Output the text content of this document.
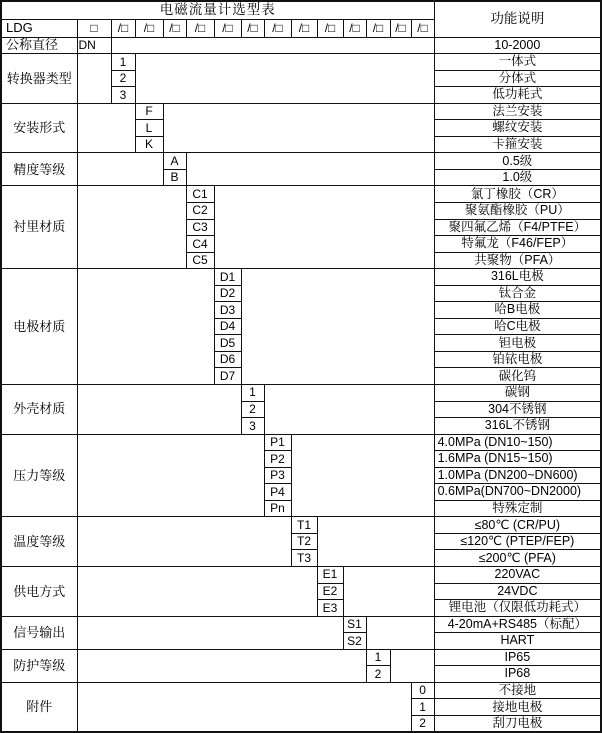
电磁流量计选型表															功能说明
LDG	□	/□	/□	/□	/□	/□	/□	/□	/□	/□	/□	/□	/□	/□	
公称直径	DN														10-2000
转换器类型		1													一体式
		2													分体式
		3													低功耗式
安装形式			F												法兰安装
			L												螺纹安装
			K												卡箍安装
精度等级				A											0.5级
				B											1.0级
衬里材质					C1										氯丁橡胶（CR）
					C2										聚氨酯橡胶（PU）
					C3										聚四氟乙烯（F4/PTFE）
					C4										特氟龙（F46/FEP）
					C5										共聚物（PFA）
电极材质						D1									316L电极
						D2									钛合金
						D3									哈B电极
						D4									哈C电极
						D5									钽电极
						D6									铂铱电极
						D7									碳化钨
外壳材质							1								碳钢
							2								304不锈钢
							3								316L不锈钢
压力等级								P1							4.0MPa (DN10~150)
								P2							1.6MPa (DN15~150)
								P3							1.0MPa (DN200~DN600)
								P4							0.6MPa(DN700~DN2000)
								Pn							特殊定制
温度等级									T1						≤80℃ (CR/PU)
									T2						≤120℃ (PTEP/FEP)
									T3						≤200℃ (PFA)
供电方式										E1					220VAC
										E2					24VDC
										E3					锂电池（仅限低功耗式）
信号输出											S1				4-20mA+RS485（标配）
											S2				HART
防护等级												1			IP65
												2			IP68
附件														0	不接地
														1	接地电极
														2	刮刀电极
